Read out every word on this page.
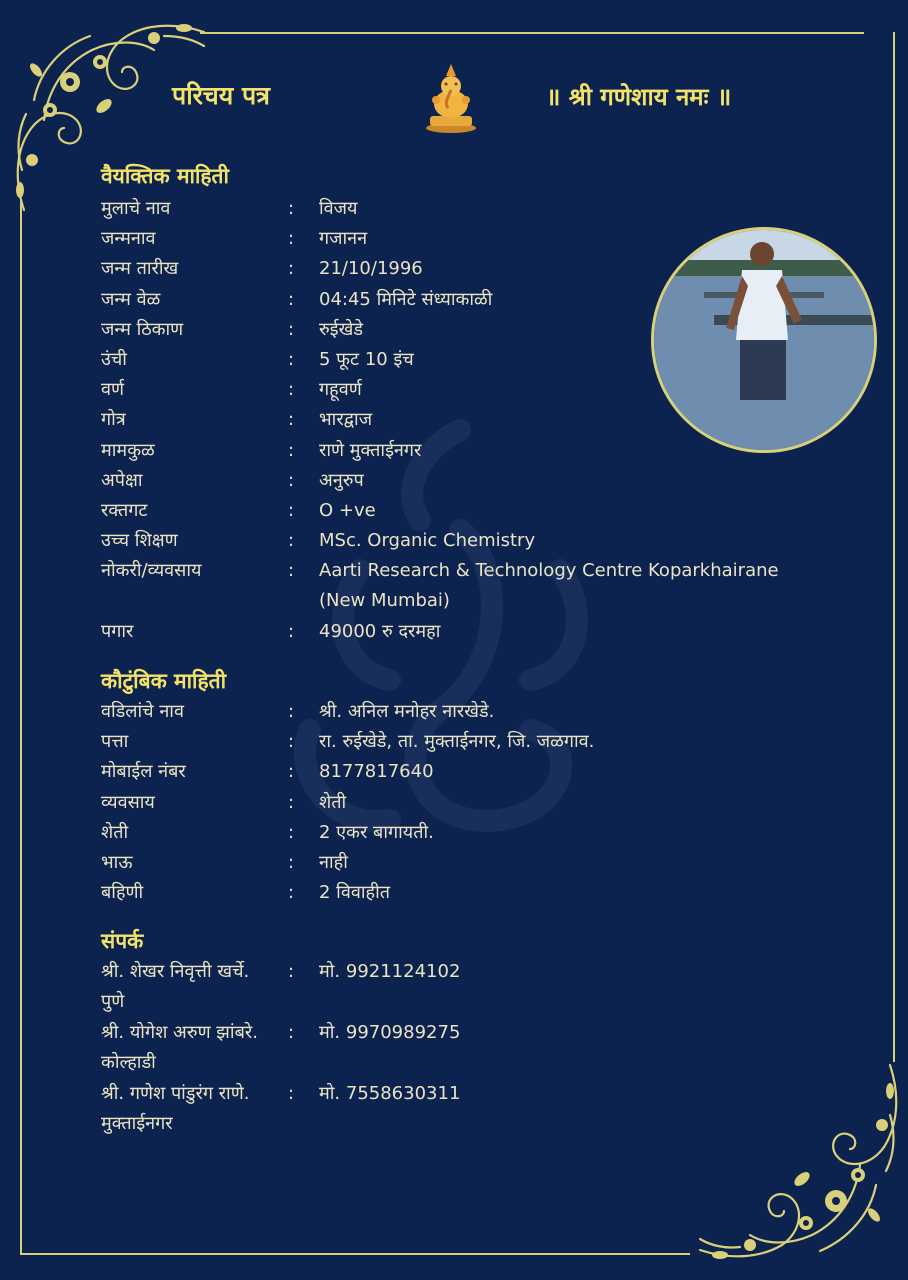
परिचय पत्र	॥ श्री गणेशाय नमः ॥
वैयक्तिक माहिती
मुलाचे नाव	: विजय
जन्मनाव	: गजानन
जन्म तारीख	: 21/10/1996
जन्म वेळ	: 04:45 मिनिटे संध्याकाळी
जन्म ठिकाण	: रुईखेडे
उंची	: 5 फूट 10 इंच
वर्ण	: गहूवर्ण
गोत्र	: भारद्वाज
मामकुळ	: राणे मुक्ताईनगर
अपेक्षा	: अनुरुप
रक्तगट	: O +ve
उच्च शिक्षण	: MSc. Organic Chemistry
नोकरी/व्यवसाय	: Aarti Research & Technology Centre Koparkhairane
(New Mumbai)
पगार	: 49000 रु दरमहा
कौटुंबिक माहिती
वडिलांचे नाव	: श्री. अनिल मनोहर नारखेडे.
पत्ता	: रा. रुईखेडे, ता. मुक्ताईनगर, जि. जळगाव.
मोबाईल नंबर	: 8177817640
व्यवसाय	: शेती
शेती	: 2 एकर बागायती.
भाऊ	: नाही
बहिणी	: 2 विवाहीत
संपर्क
श्री. शेखर निवृत्ती खर्चे. : मो. 9921124102
पुणे
श्री. योगेश अरुण झांबरे. : मो. 9970989275
कोल्हाडी
श्री. गणेश पांडुरंग राणे. : मो. 7558630311
मुक्ताईनगर
